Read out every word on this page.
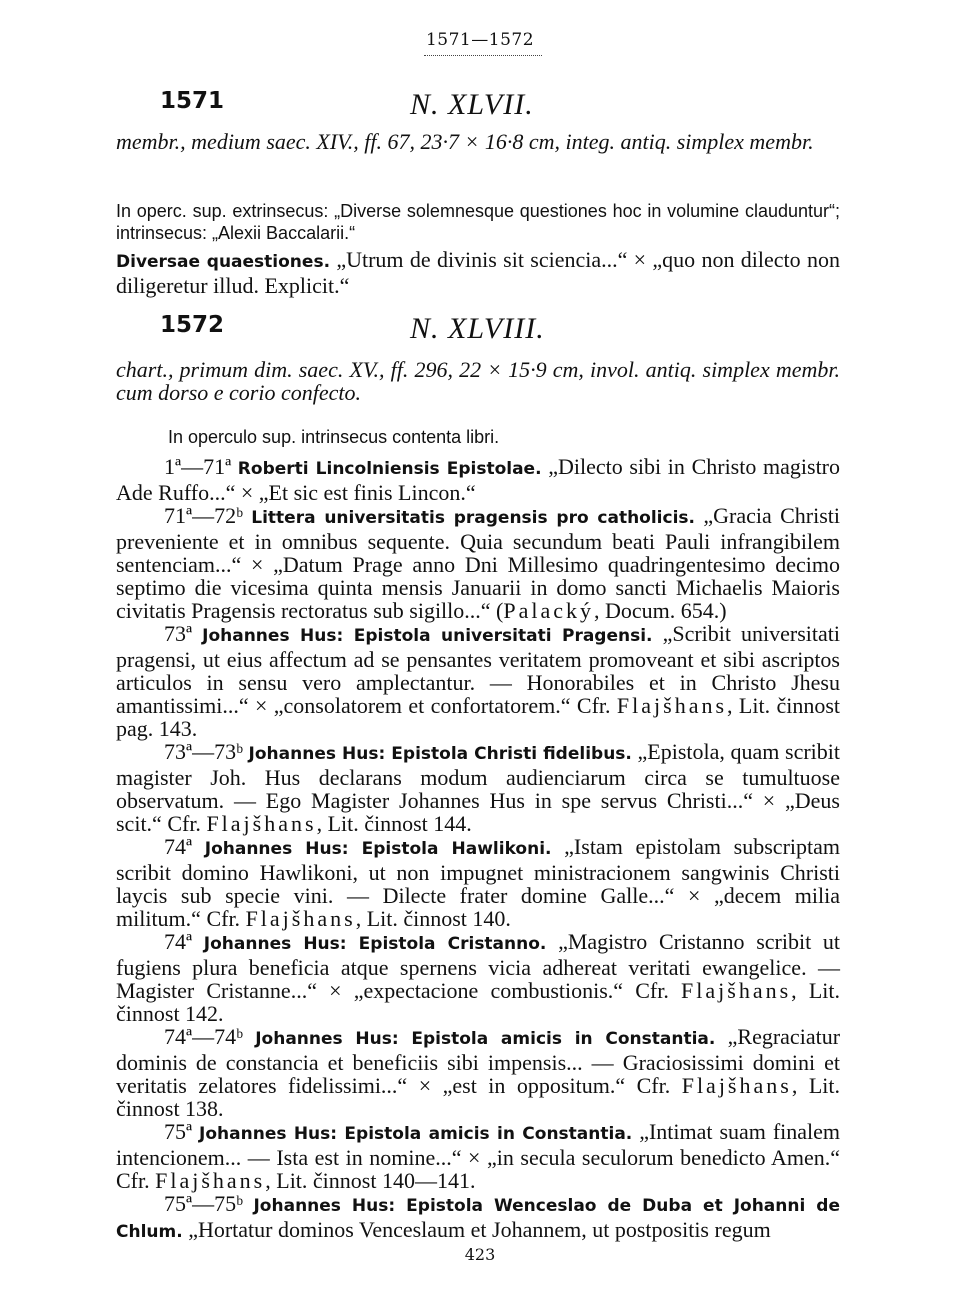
1571—1572
1571	N. XLVII.
membr., medium saec. XIV., ff. 67, 23·7 × 16·8 cm, integ. antiq. simplex membr.
In operc. sup. extrinsecus: „Diverse solemnesque questiones hoc in volumine clauduntur“; intrinsecus: „Alexii Baccalarii.“
Diversae quaestiones. „Utrum de divinis sit sciencia...“ × „quo non dilecto non diligeretur illud. Explicit.“
1572	N. XLVIII.
chart., primum dim. saec. XV., ff. 296, 22 × 15·9 cm, invol. antiq. simplex membr. cum dorso e corio confecto.
In operculo sup. intrinsecus contenta libri.

1ª—71ª Roberti Lincolniensis Epistolae. „Dilecto sibi in Christo magistro Ade Ruffo...“ × „Et sic est finis Lincon.“

71ª—72ᵇ Littera universitatis pragensis pro catholicis. „Gracia Christi preveniente et in omnibus sequente. Quia secundum beati Pauli infrangibilem sentenciam...“ × „Datum Prage anno Dni Millesimo quadringentesimo decimo septimo die vicesima quinta mensis Januarii in domo sancti Michaelis Maioris civitatis Pragensis rectoratus sub sigillo...“ (Palacký, Docum. 654.)

73ª Johannes Hus: Epistola universitati Pragensi. „Scribit universitati pragensi, ut eius affectum ad se pensantes veritatem promoveant et sibi ascriptos articulos in sensu vero amplectantur. — Honorabiles et in Christo Jhesu amantissimi...“ × „consolatorem et confortatorem.“ Cfr. Flajšhans, Lit. činnost pag. 143.

73ª—73ᵇ Johannes Hus: Epistola Christi fidelibus. „Epistola, quam scribit magister Joh. Hus declarans modum audienciarum circa se tumultuose observatum. — Ego Magister Johannes Hus in spe servus Christi...“ × „Deus scit.“ Cfr. Flajšhans, Lit. činnost 144.

74ª Johannes Hus: Epistola Hawlikoni. „Istam epistolam subscriptam scribit domino Hawlikoni, ut non impugnet ministracionem sangwinis Christi laycis sub specie vini. — Dilecte frater domine Galle...“ × „decem milia militum.“ Cfr. Flajšhans, Lit. činnost 140.

74ª Johannes Hus: Epistola Cristanno. „Magistro Cristanno scribit ut fugiens plura beneficia atque spernens vicia adhereat veritati ewangelice. — Magister Cristanne...“ × „expectacione combustionis.“ Cfr. Flajšhans, Lit. činnost 142.

74ª—74ᵇ Johannes Hus: Epistola amicis in Constantia. „Regraciatur dominis de constancia et beneficiis sibi impensis... — Graciosissimi domini et veritatis zelatores fidelissimi...“ × „est in oppositum.“ Cfr. Flajšhans, Lit. činnost 138.

75ª Johannes Hus: Epistola amicis in Constantia. „Intimat suam finalem intencionem... — Ista est in nomine...“ × „in secula seculorum benedicto Amen.“ Cfr. Flajšhans, Lit. činnost 140—141.

75ª—75ᵇ Johannes Hus: Epistola Wenceslao de Duba et Johanni de Chlum. „Hortatur dominos Venceslaum et Johannem, ut postpositis regum

423
